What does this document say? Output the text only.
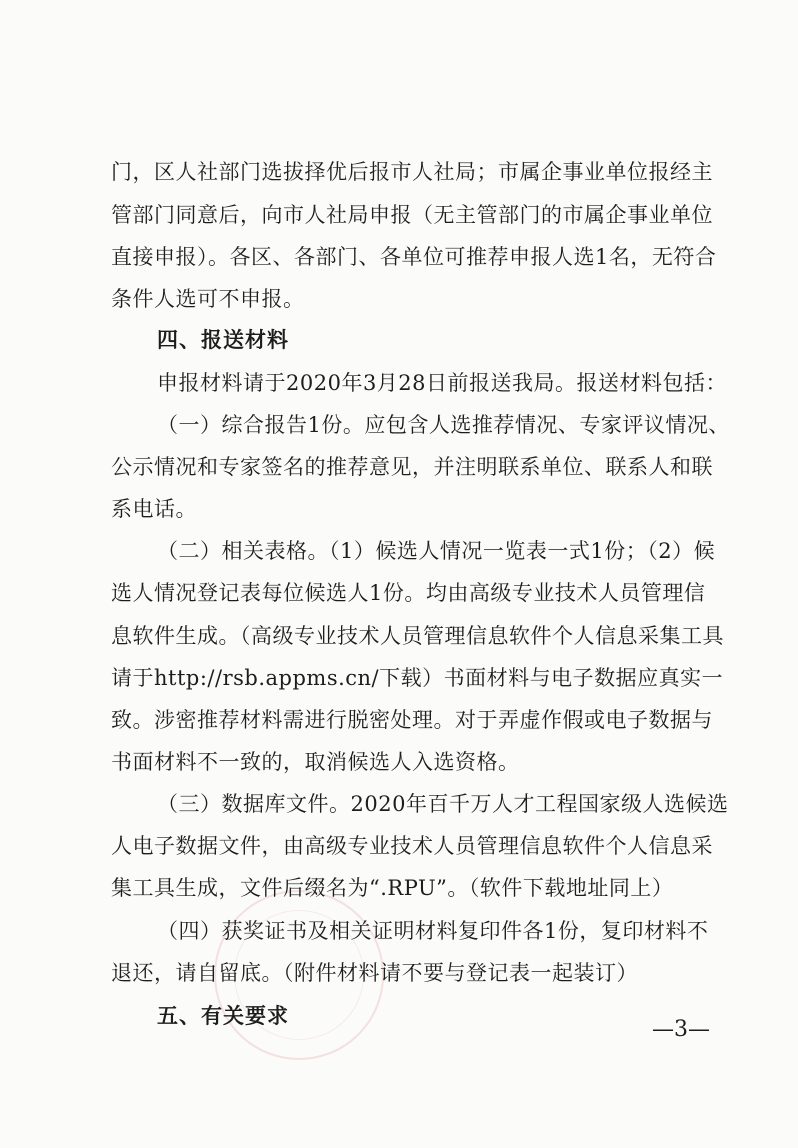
门，区人社部门选拔择优后报市人社局；市属企事业单位报经主
管部门同意后，向市人社局申报（无主管部门的市属企事业单位
直接申报）。各区、各部门、各单位可推荐申报人选1名，无符合
条件人选可不申报。
四、报送材料
申报材料请于2020年3月28日前报送我局。报送材料包括：
（一）综合报告1份。应包含人选推荐情况、专家评议情况、
公示情况和专家签名的推荐意见，并注明联系单位、联系人和联
系电话。
（二）相关表格。（1）候选人情况一览表一式1份；（2）候
选人情况登记表每位候选人1份。均由高级专业技术人员管理信
息软件生成。（高级专业技术人员管理信息软件个人信息采集工具
请于http://rsb.appms.cn/下载）书面材料与电子数据应真实一
致。涉密推荐材料需进行脱密处理。对于弄虚作假或电子数据与
书面材料不一致的，取消候选人入选资格。
（三）数据库文件。2020年百千万人才工程国家级人选候选
人电子数据文件，由高级专业技术人员管理信息软件个人信息采
集工具生成，文件后缀名为“.RPU”。（软件下载地址同上）
（四）获奖证书及相关证明材料复印件各1份，复印材料不
退还，请自留底。（附件材料请不要与登记表一起装订）
五、有关要求
—3—
